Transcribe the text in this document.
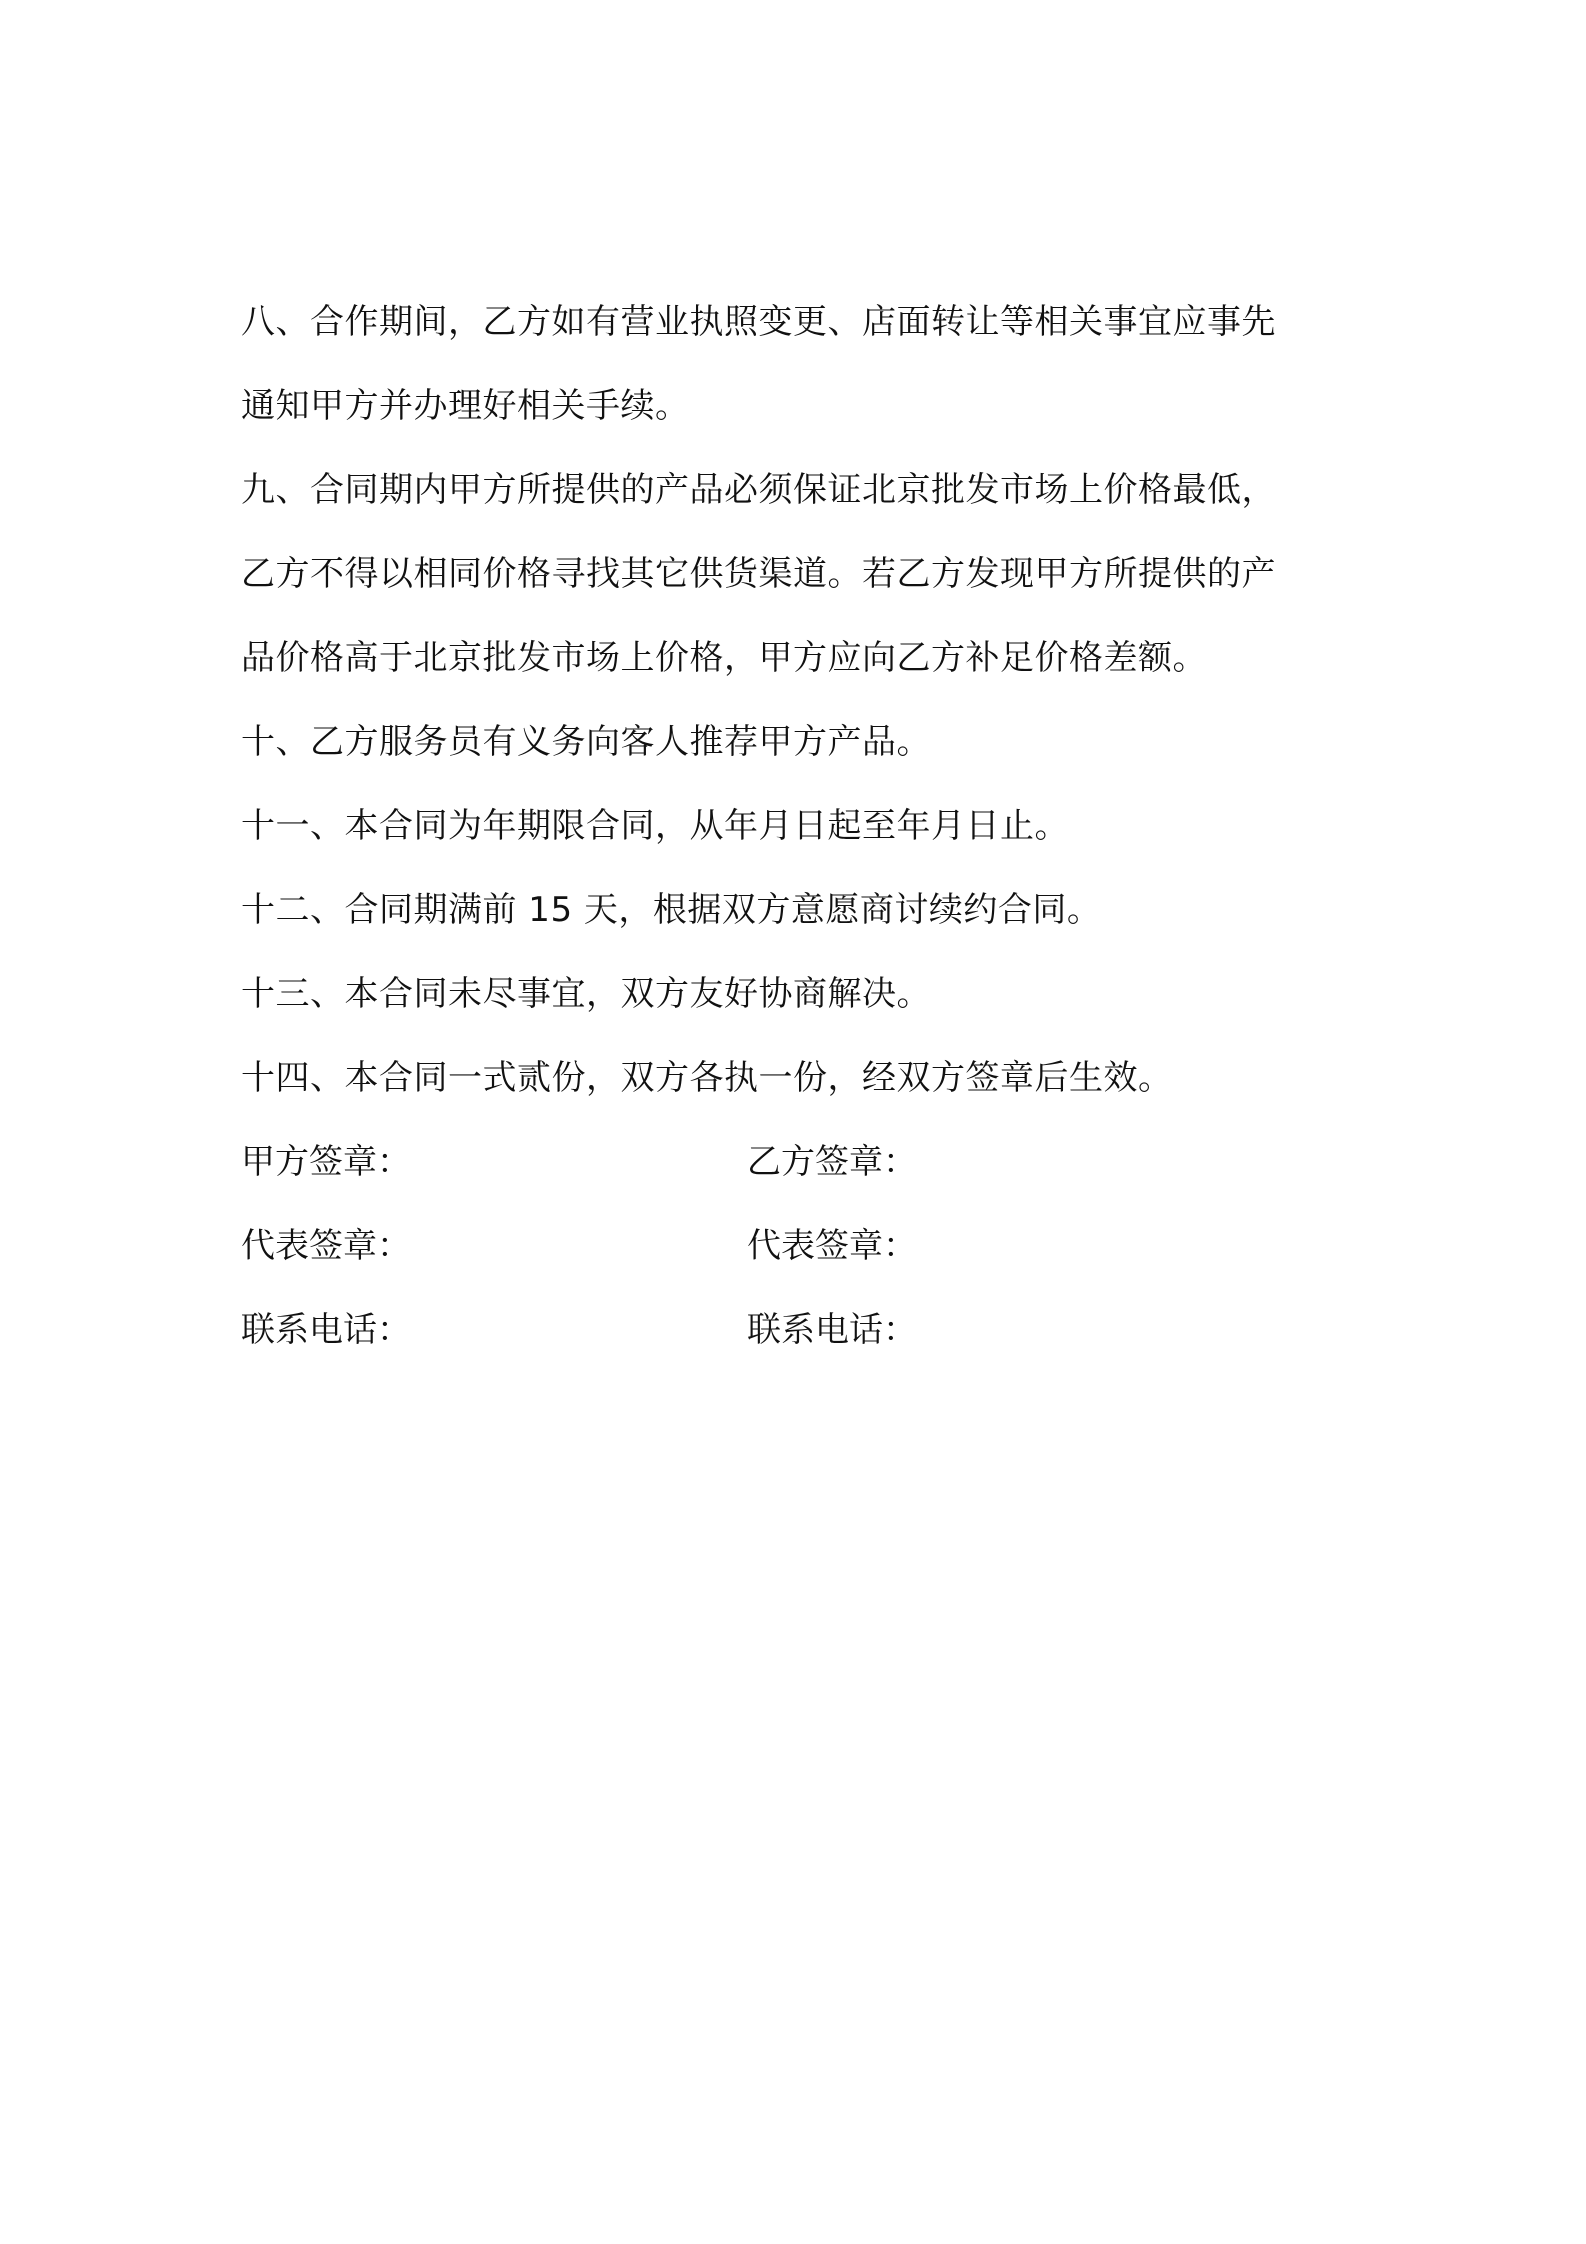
八、合作期间，乙方如有营业执照变更、店面转让等相关事宜应事先
通知甲方并办理好相关手续。
九、合同期内甲方所提供的产品必须保证北京批发市场上价格最低，
乙方不得以相同价格寻找其它供货渠道。若乙方发现甲方所提供的产
品价格高于北京批发市场上价格，甲方应向乙方补足价格差额。
十、乙方服务员有义务向客人推荐甲方产品。
十一、本合同为年期限合同，从年月日起至年月日止。
十二、合同期满前 15 天，根据双方意愿商讨续约合同。
十三、本合同未尽事宜，双方友好协商解决。
十四、本合同一式贰份，双方各执一份，经双方签章后生效。
甲方签章：	乙方签章：
代表签章：	代表签章：
联系电话：	联系电话：
